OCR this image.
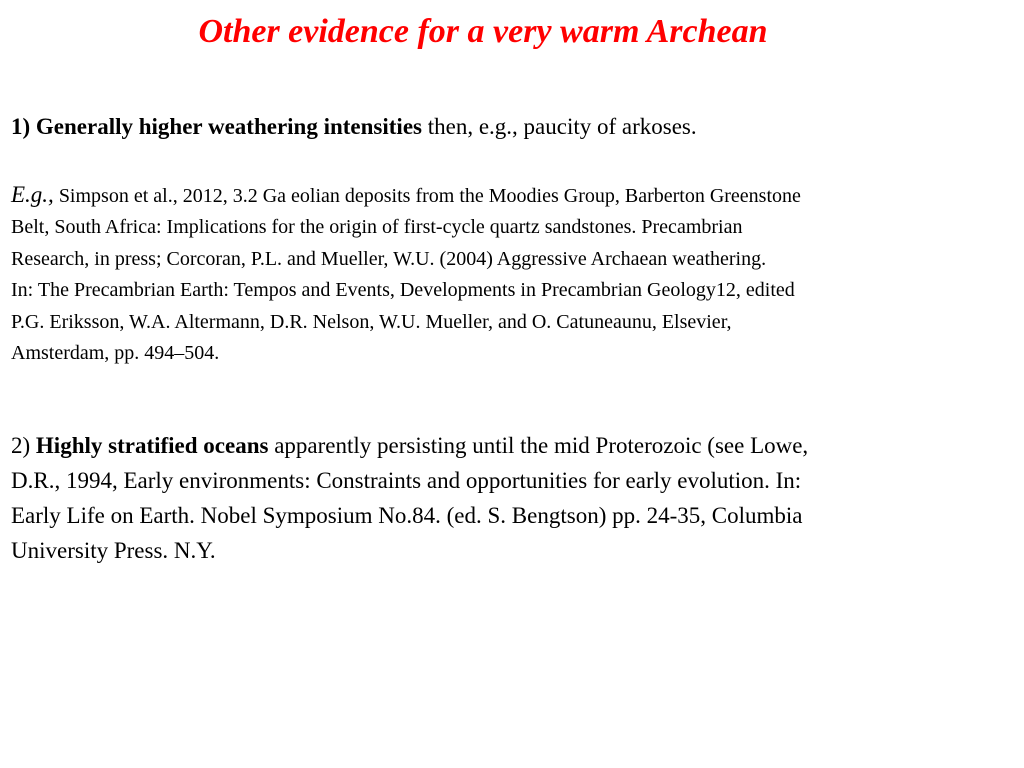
Other evidence for a very warm Archean
1) Generally higher weathering intensities then, e.g., paucity of arkoses.
E.g., Simpson et al., 2012, 3.2 Ga eolian deposits from the Moodies Group, Barberton Greenstone
Belt, South Africa: Implications for the origin of first-cycle quartz sandstones. Precambrian
Research, in press; Corcoran, P.L. and Mueller, W.U. (2004) Aggressive Archaean weathering.
In: The Precambrian Earth: Tempos and Events, Developments in Precambrian Geology12, edited
P.G. Eriksson, W.A. Altermann, D.R. Nelson, W.U. Mueller, and O. Catuneaunu, Elsevier,
Amsterdam, pp. 494–504.
2) Highly stratified oceans apparently persisting until the mid Proterozoic (see Lowe,
D.R., 1994, Early environments: Constraints and opportunities for early evolution. In:
Early Life on Earth. Nobel Symposium No.84. (ed. S. Bengtson) pp. 24-35, Columbia
University Press. N.Y.
